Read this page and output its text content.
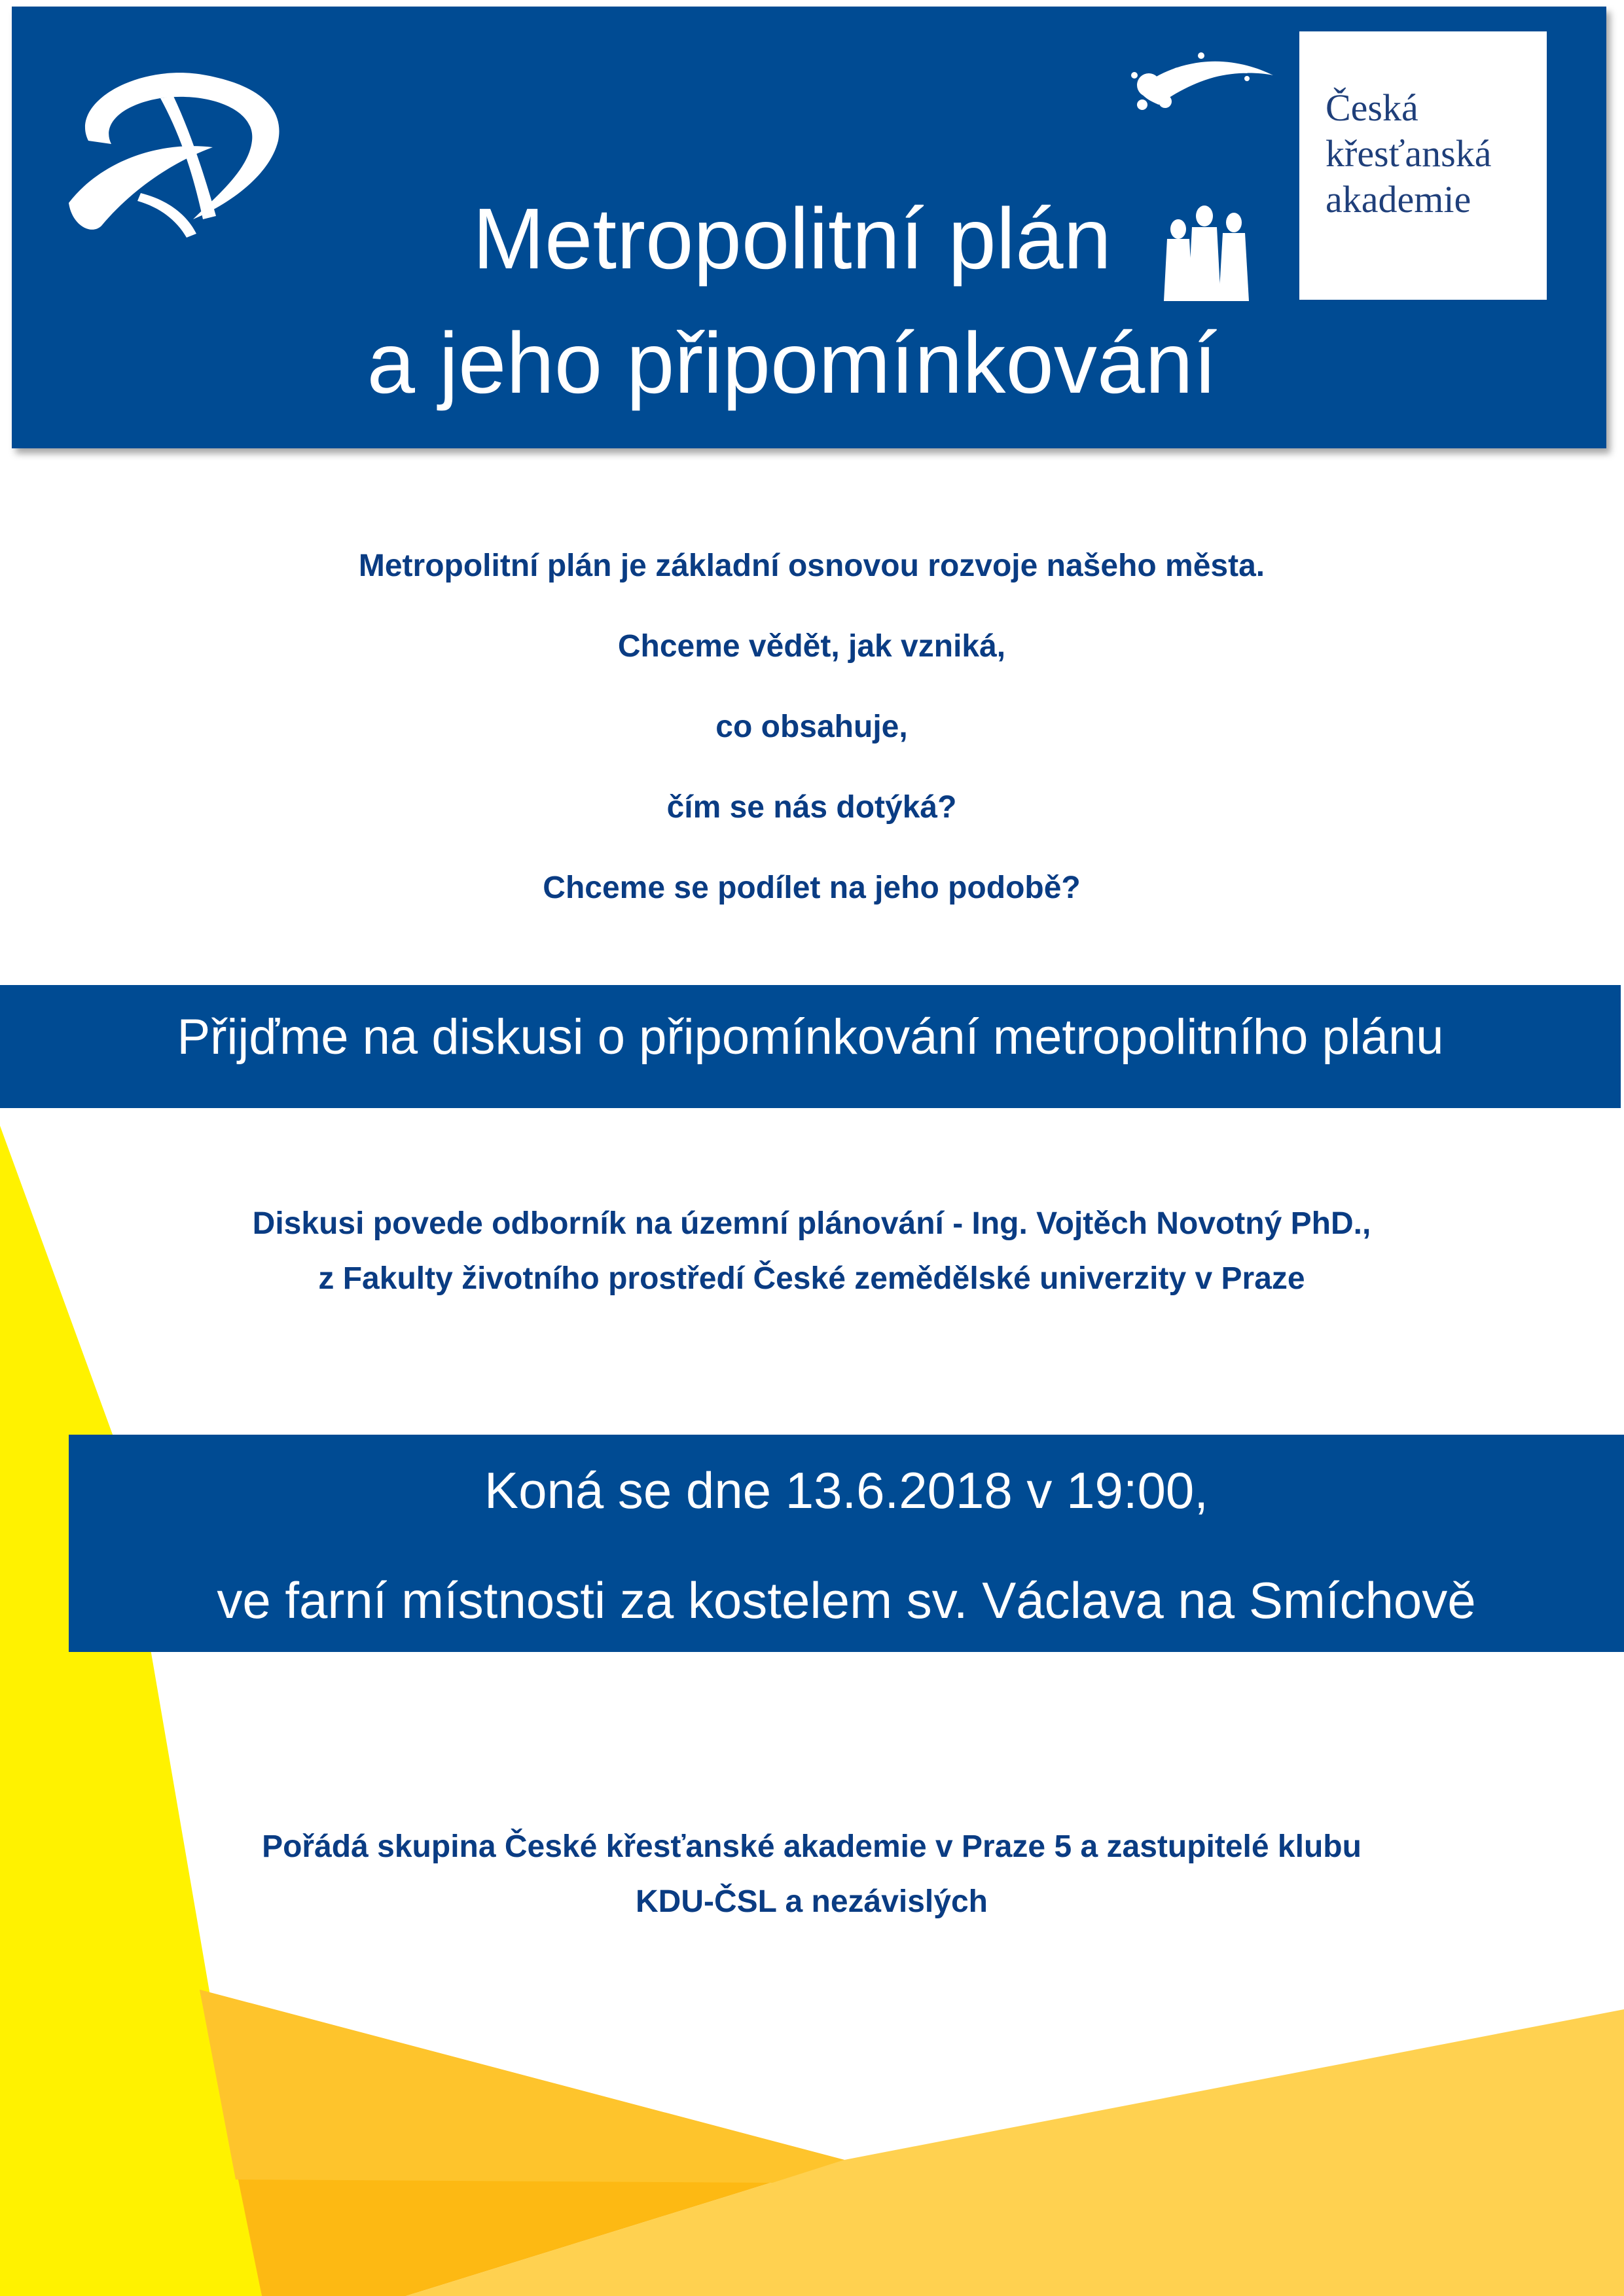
Česká
křesťanská
akademie
Metropolitní plán
a jeho připomínkování

Metropolitní plán je základní osnovou rozvoje našeho města.

Chceme vědět, jak vzniká,

co obsahuje,

čím se nás dotýká?

Chceme se podílet na jeho podobě?

Přijďme na diskusi o připomínkování metropolitního plánu
Diskusi povede odborník na územní plánování - Ing. Vojtěch Novotný PhD.,
z Fakulty životního prostředí České zemědělské univerzity v Praze
Koná se dne 13.6.2018 v 19:00,
ve farní místnosti za kostelem sv. Václava na Smíchově
Pořádá skupina České křesťanské akademie v Praze 5 a zastupitelé klubu
KDU-ČSL a nezávislých
